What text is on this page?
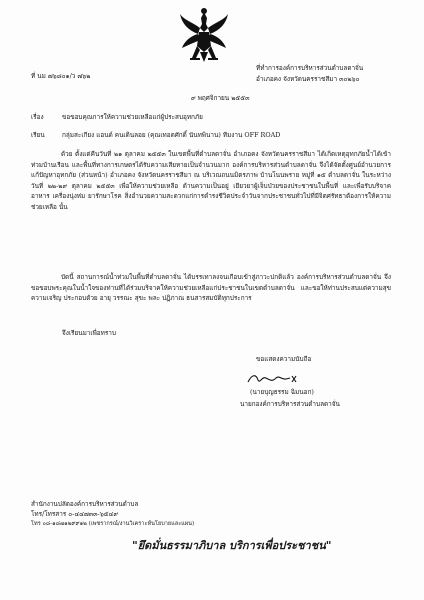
ที่ นม ๗๖๘๐๑/ว ๗๖๒
ที่ทำการองค์การบริหารส่วนตำบลดาจั่น
อำเภอคง จังหวัดนครราชสีมา ๓๐๒๖๐
๙ พฤศจิกายน ๒๕๕๓
เรื่อง	ขอขอบคุณการให้ความช่วยเหลือแก่ผู้ประสบอุทกภัย
เรียน	กลุ่มสะเกียง แอนด์ คนเดินลอย (คุณเทอดศักดิ์ นันทพินาน) ทีมงาน OFF ROAD
ด้วย ตั้งแต่คืนวันที่ ๒๑ ตุลาคม ๒๕๕๓ ในเขตพื้นที่ตำบลดาจั่น อำเภอคง จังหวัดนครราชสีมา ได้เกิดเหตุอุทกภัยน้ำได้เข้าท่วมบ้านเรือน และพื้นที่ทางการเกษตรได้รับความเสียหายเป็นจำนวนมาก องค์การบริหารส่วนตำบลดาจั่น จึงได้จัดตั้งศูนย์อำนวยการแก้ปัญหาอุทกภัย (ส่วนหน้า) อำเภอคง จังหวัดนครราชสีมา ณ บริเวณถนนมิตรภาพ บ้านโนนพราย หมู่ที่ ๑๕ ตำบลดาจั่น ในระหว่างวันที่ ๒๒-๒๙ ตุลาคม ๒๕๕๓ เพื่อให้ความช่วยเหลือ ด้านความเป็นอยู่ เยียวยาผู้เจ็บป่วยของประชาชนในพื้นที่ และเพื่อรับบริจาคอาหาร เครื่องนุ่งห่ม ยารักษาโรค สิ่งอำนวยความสะดวกแก่การดำรงชีวิตประจำวันจากประชาชนทั่วไปที่มีจิตศรัทธาต้องการให้ความช่วยเหลือ นั้น
บัดนี้ สถานการณ์น้ำท่วมในพื้นที่ตำบลดาจั่น ได้บรรเทาลงจนเกือบเข้าสู่ภาวะปกติแล้ว องค์การบริหารส่วนตำบลดาจั่น จึงขอขอบพระคุณในน้ำใจของท่านที่ได้ร่วมบริจาคให้ความช่วยเหลือแก่ประชาชนในเขตตำบลดาจั่น และขอให้ท่านประสบแต่ความสุข ความเจริญ ประกอบด้วย อายุ วรรณะ สุขะ พละ ปฏิภาณ ธนสารสมบัติทุกประการ
จึงเรียนมาเพื่อทราบ
ขอแสดงความนับถือ
(นายบุญธรรม ฉิมนอก)
นายกองค์การบริหารส่วนตำบลดาจั่น
สำนักงานปลัดองค์การบริหารส่วนตำบล
โทร/โทรสาร ๐-๔๔๗๓๓-๖๕๔๙
โทร ๐๘-๑๘๗๑๒๙๙๑๒ (เพชรากรณ์/งานวิเคราะห์นโยบายและแผน)
"ยึดมั่นธรรมาภิบาล บริการเพื่อประชาชน"
